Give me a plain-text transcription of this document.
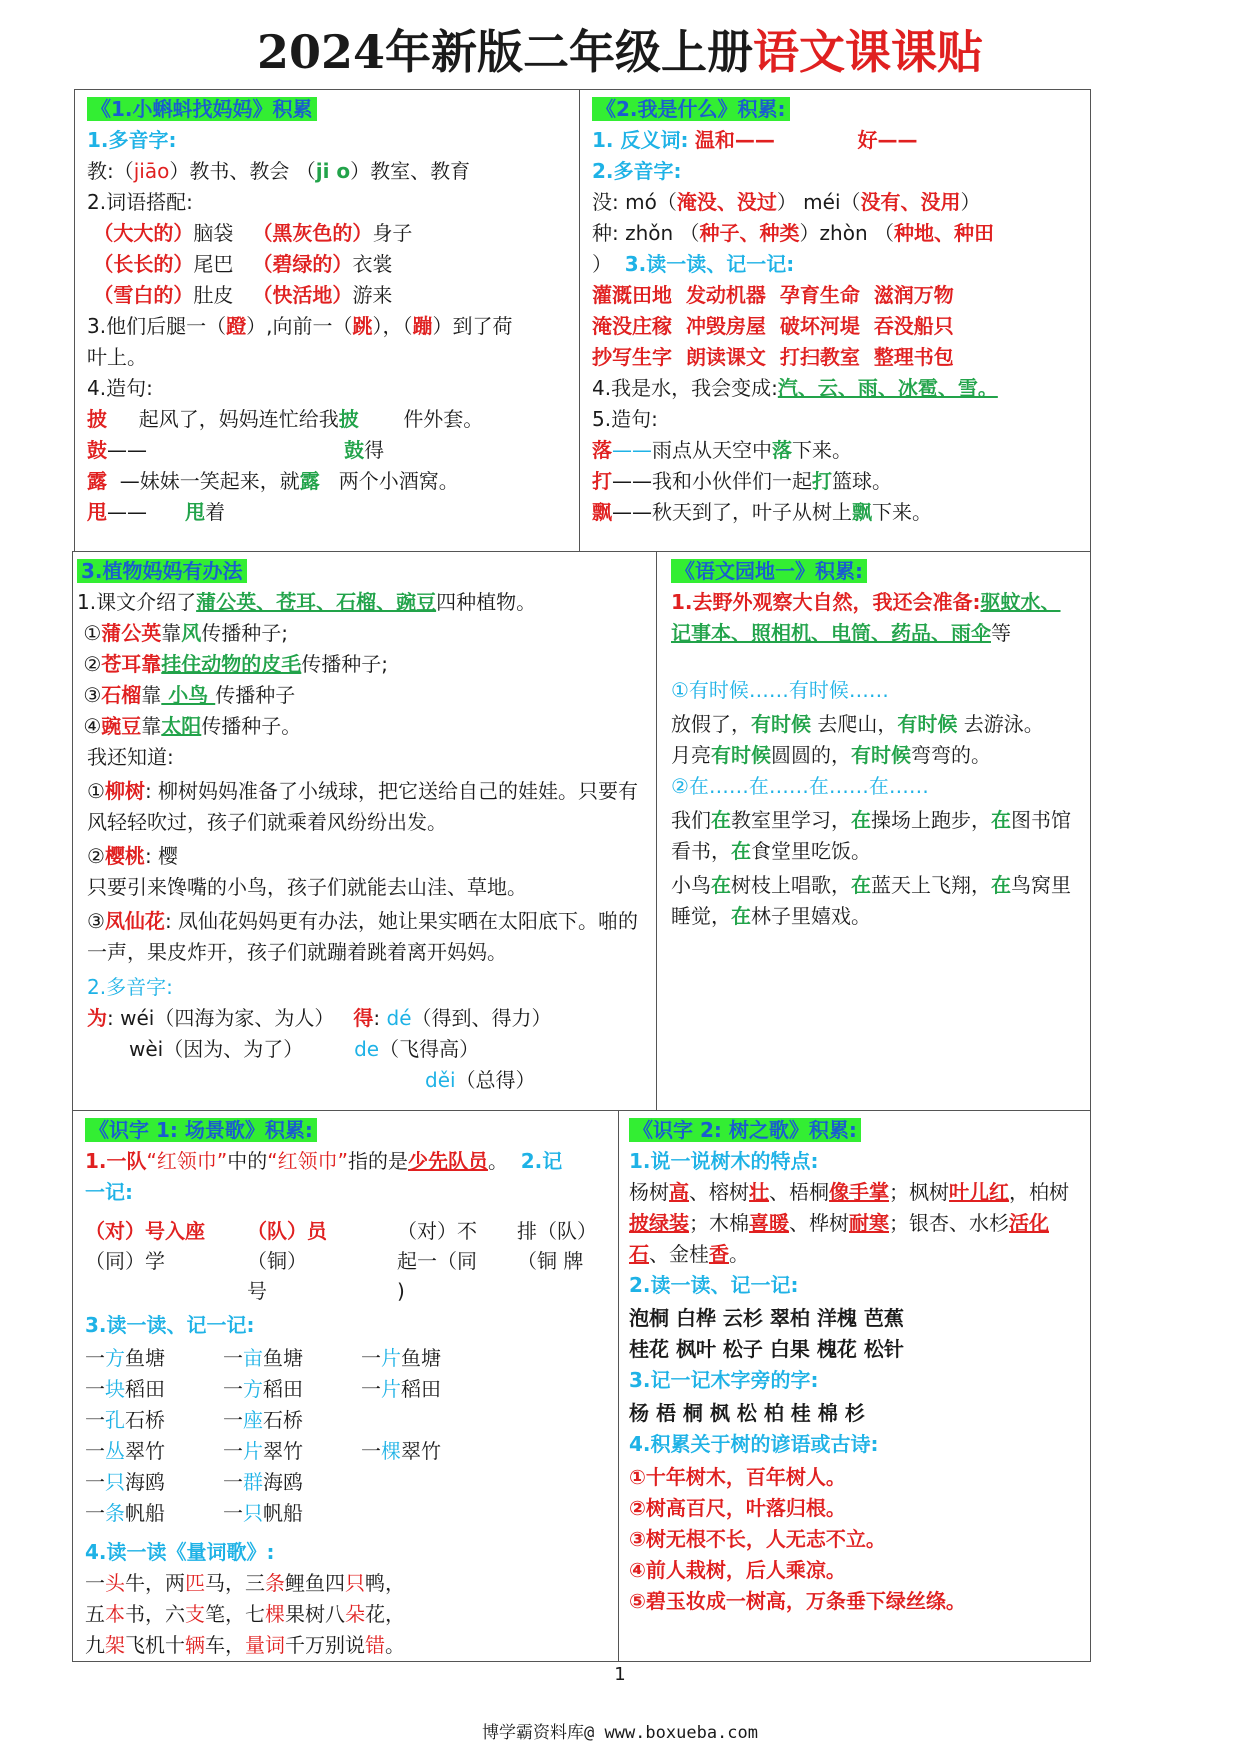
2024年新版二年级上册语文课课贴

《1.小蝌蚪找妈妈》积累

1.多音字:

教:（jiāo）教书、教会 （ji o）教室、教育

2.词语搭配:

（大大的）脑袋 （黑灰色的）身子

（长长的）尾巴 （碧绿的）衣裳

（雪白的）肚皮 （快活地）游来

3.他们后腿一（蹬）,向前一（跳），（蹦）到了荷

叶上。

4.造句:

披 起风了，妈妈连忙给我披 件外套。

鼓——	鼓得

露 —妹妹一笑起来，就露 两个小酒窝。

甩—— 甩着

《2.我是什么》积累:

1. 反义词: 温和——	好——

2.多音字:

没: mó（淹没、没过） méi（没有、没用）

种: zhǒn （种子、种类）zhòn （种地、种田

） 3.读一读、记一记:

灌溉田地 发动机器 孕育生命 滋润万物

淹没庄稼 冲毁房屋 破坏河堤 吞没船只

抄写生字 朗读课文 打扫教室 整理书包

4.我是水，我会变成:汽、云、雨、冰雹、雪。

5.造句:

落——雨点从天空中落下来。

打——我和小伙伴们一起打篮球。

飘——秋天到了，叶子从树上飘下来。

3.植物妈妈有办法

1.课文介绍了蒲公英、苍耳、石榴、豌豆四种植物。

①蒲公英靠风传播种子;

②苍耳靠挂住动物的皮毛传播种子;

③石榴靠 小鸟 传播种子

④豌豆靠太阳传播种子。

我还知道:

①柳树: 柳树妈妈准备了小绒球，把它送给自己的娃娃。只要有风轻轻吹过，孩子们就乘着风纷纷出发。

②樱桃: 樱

只要引来馋嘴的小鸟，孩子们就能去山洼、草地。

③凤仙花: 凤仙花妈妈更有办法，她让果实晒在太阳底下。啪的一声，果皮炸开，孩子们就蹦着跳着离开妈妈。

2.多音字:

为: wéi（四海为家、为人） 得: dé（得到、得力）

wèi（因为、为了）	de（飞得高）

děi（总得）

《语文园地一》积累:

1.去野外观察大自然，我还会准备:驱蚊水、记事本、照相机、电筒、药品、雨伞等

①有时候……有时候……

放假了，有时候 去爬山，有时候 去游泳。

月亮有时候圆圆的，有时候弯弯的。

②在……在……在……在……

我们在教室里学习，在操场上跑步，在图书馆看书，在食堂里吃饭。

小鸟在树枝上唱歌，在蓝天上飞翔，在鸟窝里睡觉，在林子里嬉戏。

《识字 1: 场景歌》积累:

1.一队“红领巾”中的“红领巾”指的是少先队员。 2.记

一记:

（对）号入座	（队）员	（对）不	排（队）
（同）学	（铜）	起一（同	（铜 牌
号	)

3.读一读、记一记:

一方鱼塘	一亩鱼塘	一片鱼塘
一块稻田	一方稻田	一片稻田
一孔石桥	一座石桥
一丛翠竹	一片翠竹	一棵翠竹
一只海鸥	一群海鸥
一条帆船	一只帆船

4.读一读《量词歌》:

一头牛，两匹马，三条鲤鱼四只鸭，

五本书，六支笔，七棵果树八朵花，

九架飞机十辆车，量词千万别说错。

《识字 2: 树之歌》积累:

1.说一说树木的特点:

杨树高、榕树壮、梧桐像手掌；枫树叶儿红，柏树披绿装；木棉喜暖、桦树耐寒；银杏、水杉活化石、金桂香。

2.读一读、记一记:

泡桐 白桦 云杉 翠柏 洋槐 芭蕉

桂花 枫叶 松子 白果 槐花 松针

3.记一记木字旁的字:

杨 梧 桐 枫 松 柏 桂 棉 杉

4.积累关于树的谚语或古诗:

①十年树木，百年树人。

②树高百尺，叶落归根。

③树无根不长，人无志不立。

④前人栽树，后人乘凉。

⑤碧玉妆成一树高，万条垂下绿丝绦。

1
博学霸资料库@ www.boxueba.com
